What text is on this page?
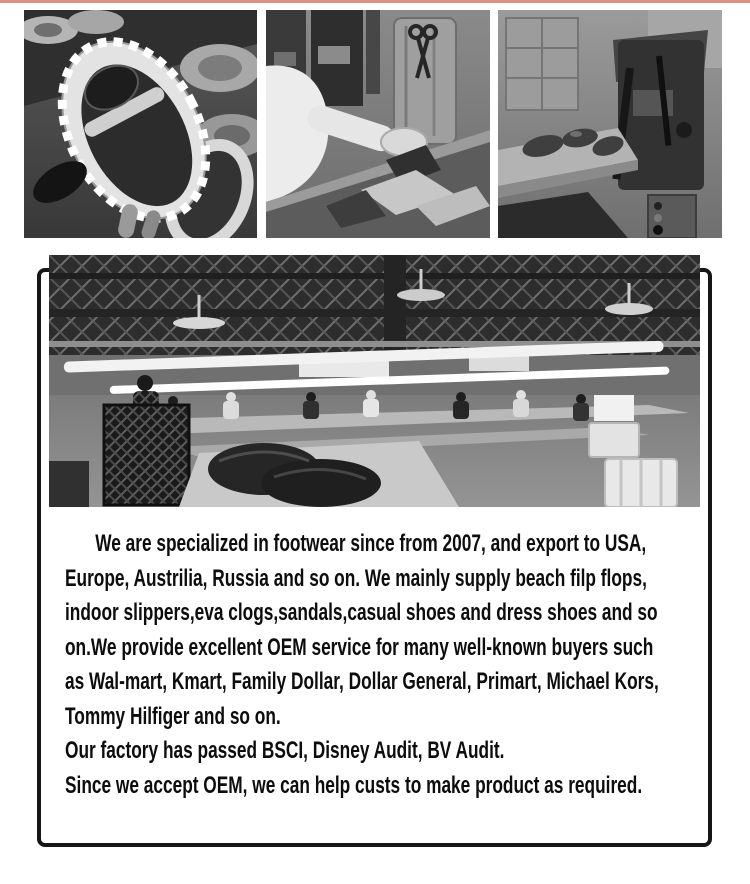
We are specialized in footwear since from 2007, and export to USA,
Europe, Austrilia, Russia and so on. We mainly supply beach filp flops,
indoor slippers,eva clogs,sandals,casual shoes and dress shoes and so
on.We provide excellent OEM service for many well-known buyers such
as Wal-mart, Kmart, Family Dollar, Dollar General, Primart, Michael Kors,
Tommy Hilfiger and so on.
Our factory has passed BSCI, Disney Audit, BV Audit.
Since we accept OEM, we can help custs to make product as required.
